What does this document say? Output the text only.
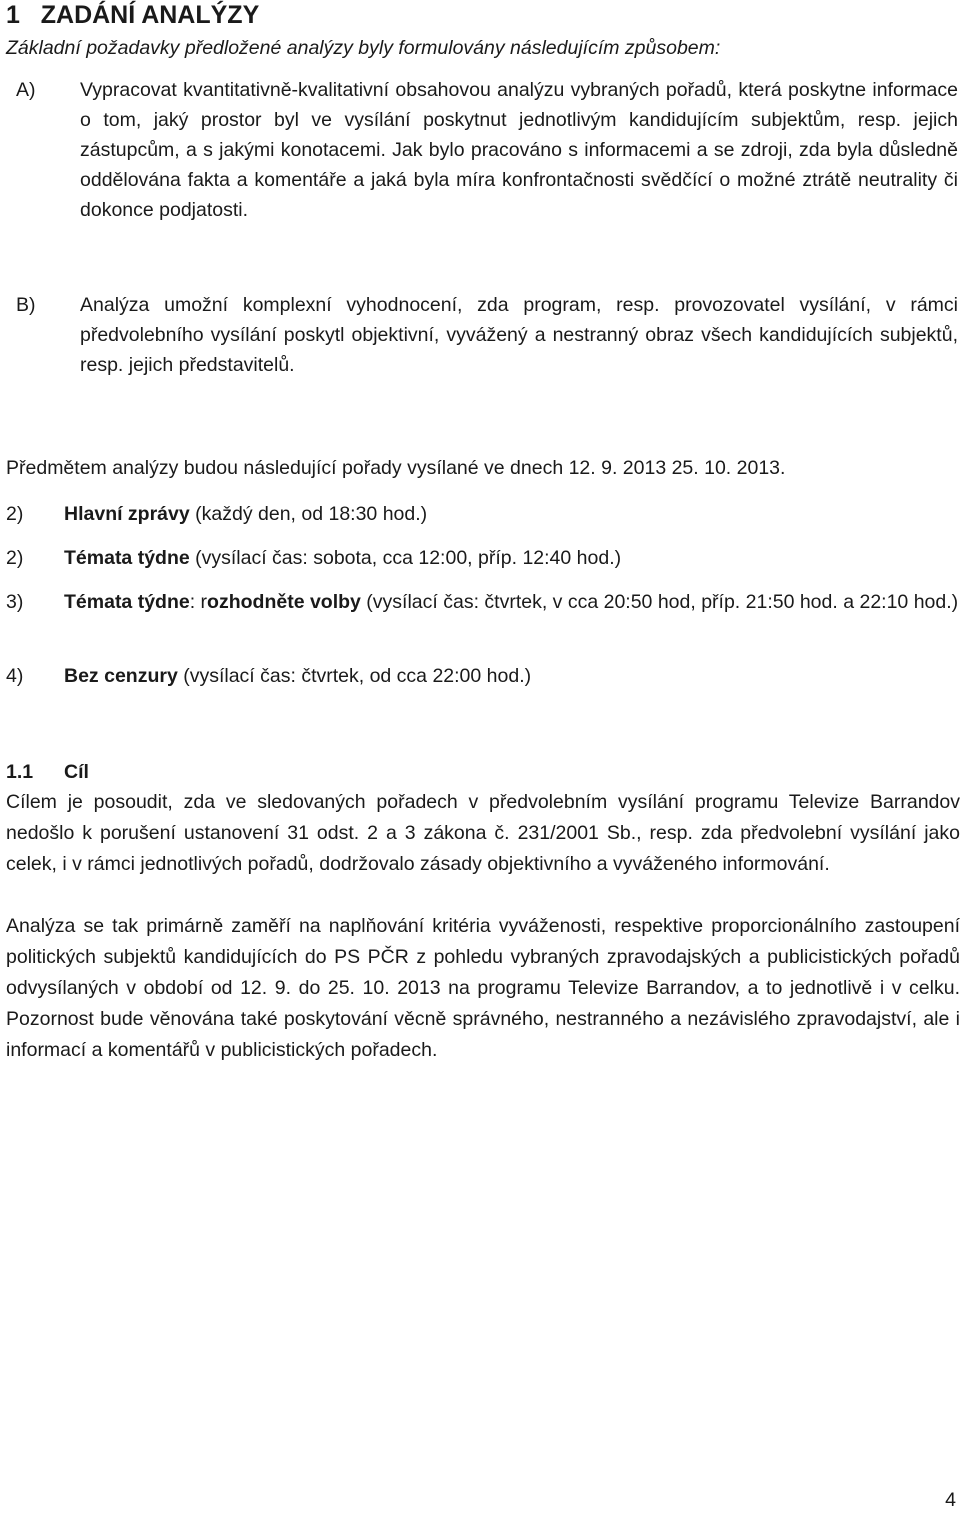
1 ZADÁNÍ ANALÝZY
Základní požadavky předložené analýzy byly formulovány následujícím způsobem:
A) Vypracovat kvantitativně-kvalitativní obsahovou analýzu vybraných pořadů, která poskytne informace o tom, jaký prostor byl ve vysílání poskytnut jednotlivým kandidujícím subjektům, resp. jejich zástupcům, a s jakými konotacemi. Jak bylo pracováno s informacemi a se zdroji, zda byla důsledně oddělována fakta a komentáře a jaká byla míra konfrontačnosti svědčící o možné ztrátě neutrality či dokonce podjatosti.
B) Analýza umožní komplexní vyhodnocení, zda program, resp. provozovatel vysílání, v rámci předvolebního vysílání poskytl objektivní, vyvážený a nestranný obraz všech kandidujících subjektů, resp. jejich představitelů.
Předmětem analýzy budou následující pořady vysílané ve dnech 12. 9. 2013 25. 10. 2013.
2) Hlavní zprávy (každý den, od 18:30 hod.)
2) Témata týdne (vysílací čas: sobota, cca 12:00, příp. 12:40 hod.)
3) Témata týdne: rozhodněte volby (vysílací čas: čtvrtek, v cca 20:50 hod, příp. 21:50 hod. a 22:10 hod.)
4) Bez cenzury (vysílací čas: čtvrtek, od cca 22:00 hod.)
1.1 Cíl
Cílem je posoudit, zda ve sledovaných pořadech v předvolebním vysílání programu Televize Barrandov nedošlo k porušení ustanovení 31 odst. 2 a 3 zákona č. 231/2001 Sb., resp. zda předvolební vysílání jako celek, i v rámci jednotlivých pořadů, dodržovalo zásady objektivního a vyváženého informování.
Analýza se tak primárně zaměří na naplňování kritéria vyváženosti, respektive proporcionálního zastoupení politických subjektů kandidujících do PS PČR z pohledu vybraných zpravodajských a publicistických pořadů odvysílaných v období od 12. 9. do 25. 10. 2013 na programu Televize Barrandov, a to jednotlivě i v celku. Pozornost bude věnována také poskytování věcně správného, nestranného a nezávislého zpravodajství, ale i informací a komentářů v publicistických pořadech.
4
